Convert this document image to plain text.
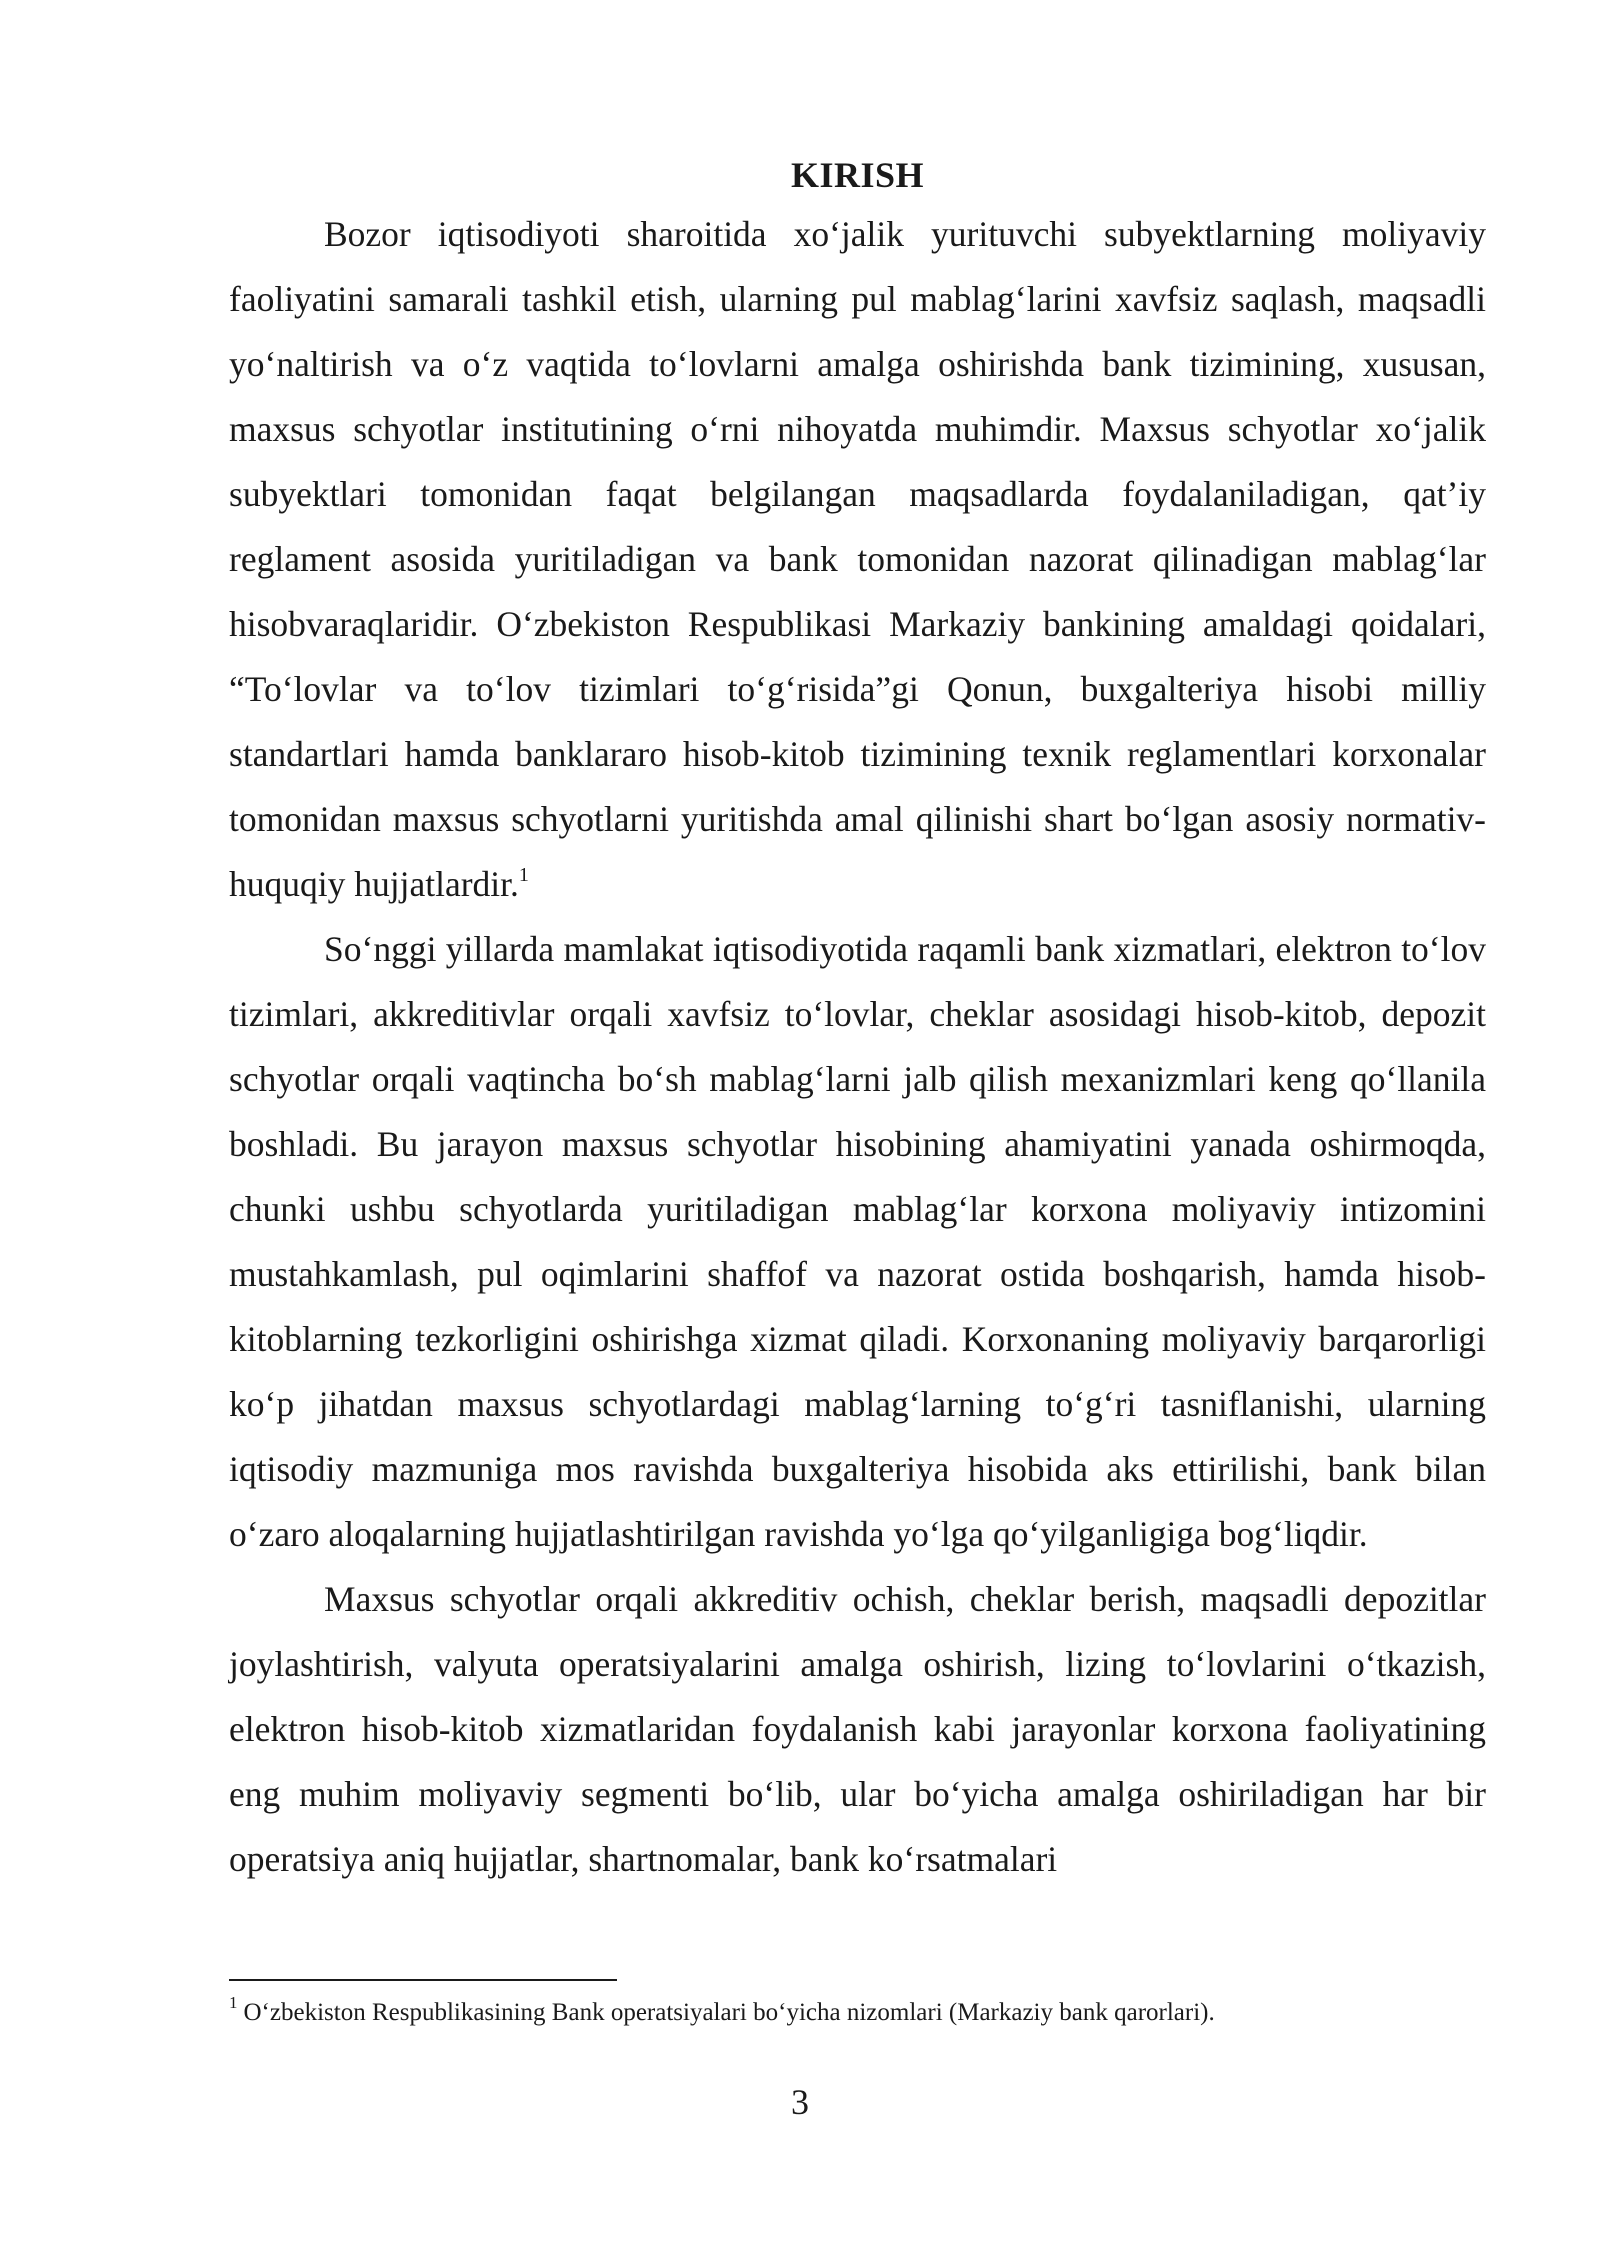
KIRISH

Bozor iqtisodiyoti sharoitida xo‘jalik yurituvchi subyektlarning moliyaviy faoliyatini samarali tashkil etish, ularning pul mablag‘larini xavfsiz saqlash, maqsadli yo‘naltirish va o‘z vaqtida to‘lovlarni amalga oshirishda bank tizimining, xususan, maxsus schyotlar institutining o‘rni nihoyatda muhimdir. Maxsus schyotlar xo‘jalik subyektlari tomonidan faqat belgilangan maqsadlarda foydalaniladigan, qat’iy reglament asosida yuritiladigan va bank tomonidan nazorat qilinadigan mablag‘lar hisobvaraqlaridir. O‘zbekiston Respublikasi Markaziy bankining amaldagi qoidalari, “To‘lovlar va to‘lov tizimlari to‘g‘risida”gi Qonun, buxgalteriya hisobi milliy standartlari hamda banklararo hisob-kitob tizimining texnik reglamentlari korxonalar tomonidan maxsus schyotlarni yuritishda amal qilinishi shart bo‘lgan asosiy normativ-huquqiy hujjatlardir.$^1$

So‘nggi yillarda mamlakat iqtisodiyotida raqamli bank xizmatlari, elektron to‘lov tizimlari, akkreditivlar orqali xavfsiz to‘lovlar, cheklar asosidagi hisob-kitob, depozit schyotlar orqali vaqtincha bo‘sh mablag‘larni jalb qilish mexanizmlari keng qo‘llanila boshladi. Bu jarayon maxsus schyotlar hisobining ahamiyatini yanada oshirmoqda, chunki ushbu schyotlarda yuritiladigan mablag‘lar korxona moliyaviy intizomini mustahkamlash, pul oqimlarini shaffof va nazorat ostida boshqarish, hamda hisob-kitoblarning tezkorligini oshirishga xizmat qiladi. Korxonaning moliyaviy barqarorligi ko‘p jihatdan maxsus schyotlardagi mablag‘larning to‘g‘ri tasniflanishi, ularning iqtisodiy mazmuniga mos ravishda buxgalteriya hisobida aks ettirilishi, bank bilan o‘zaro aloqalarning hujjatlashtirilgan ravishda yo‘lga qo‘yilganligiga bog‘liqdir.

Maxsus schyotlar orqali akkreditiv ochish, cheklar berish, maqsadli depozitlar joylashtirish, valyuta operatsiyalarini amalga oshirish, lizing to‘lovlarini o‘tkazish, elektron hisob-kitob xizmatlaridan foydalanish kabi jarayonlar korxona faoliyatining eng muhim moliyaviy segmenti bo‘lib, ular bo‘yicha amalga oshiriladigan har bir operatsiya aniq hujjatlar, shartnomalar, bank ko‘rsatmalari

$^1$ O‘zbekiston Respublikasining Bank operatsiyalari bo‘yicha nizomlari (Markaziy bank qarorlari).
3
